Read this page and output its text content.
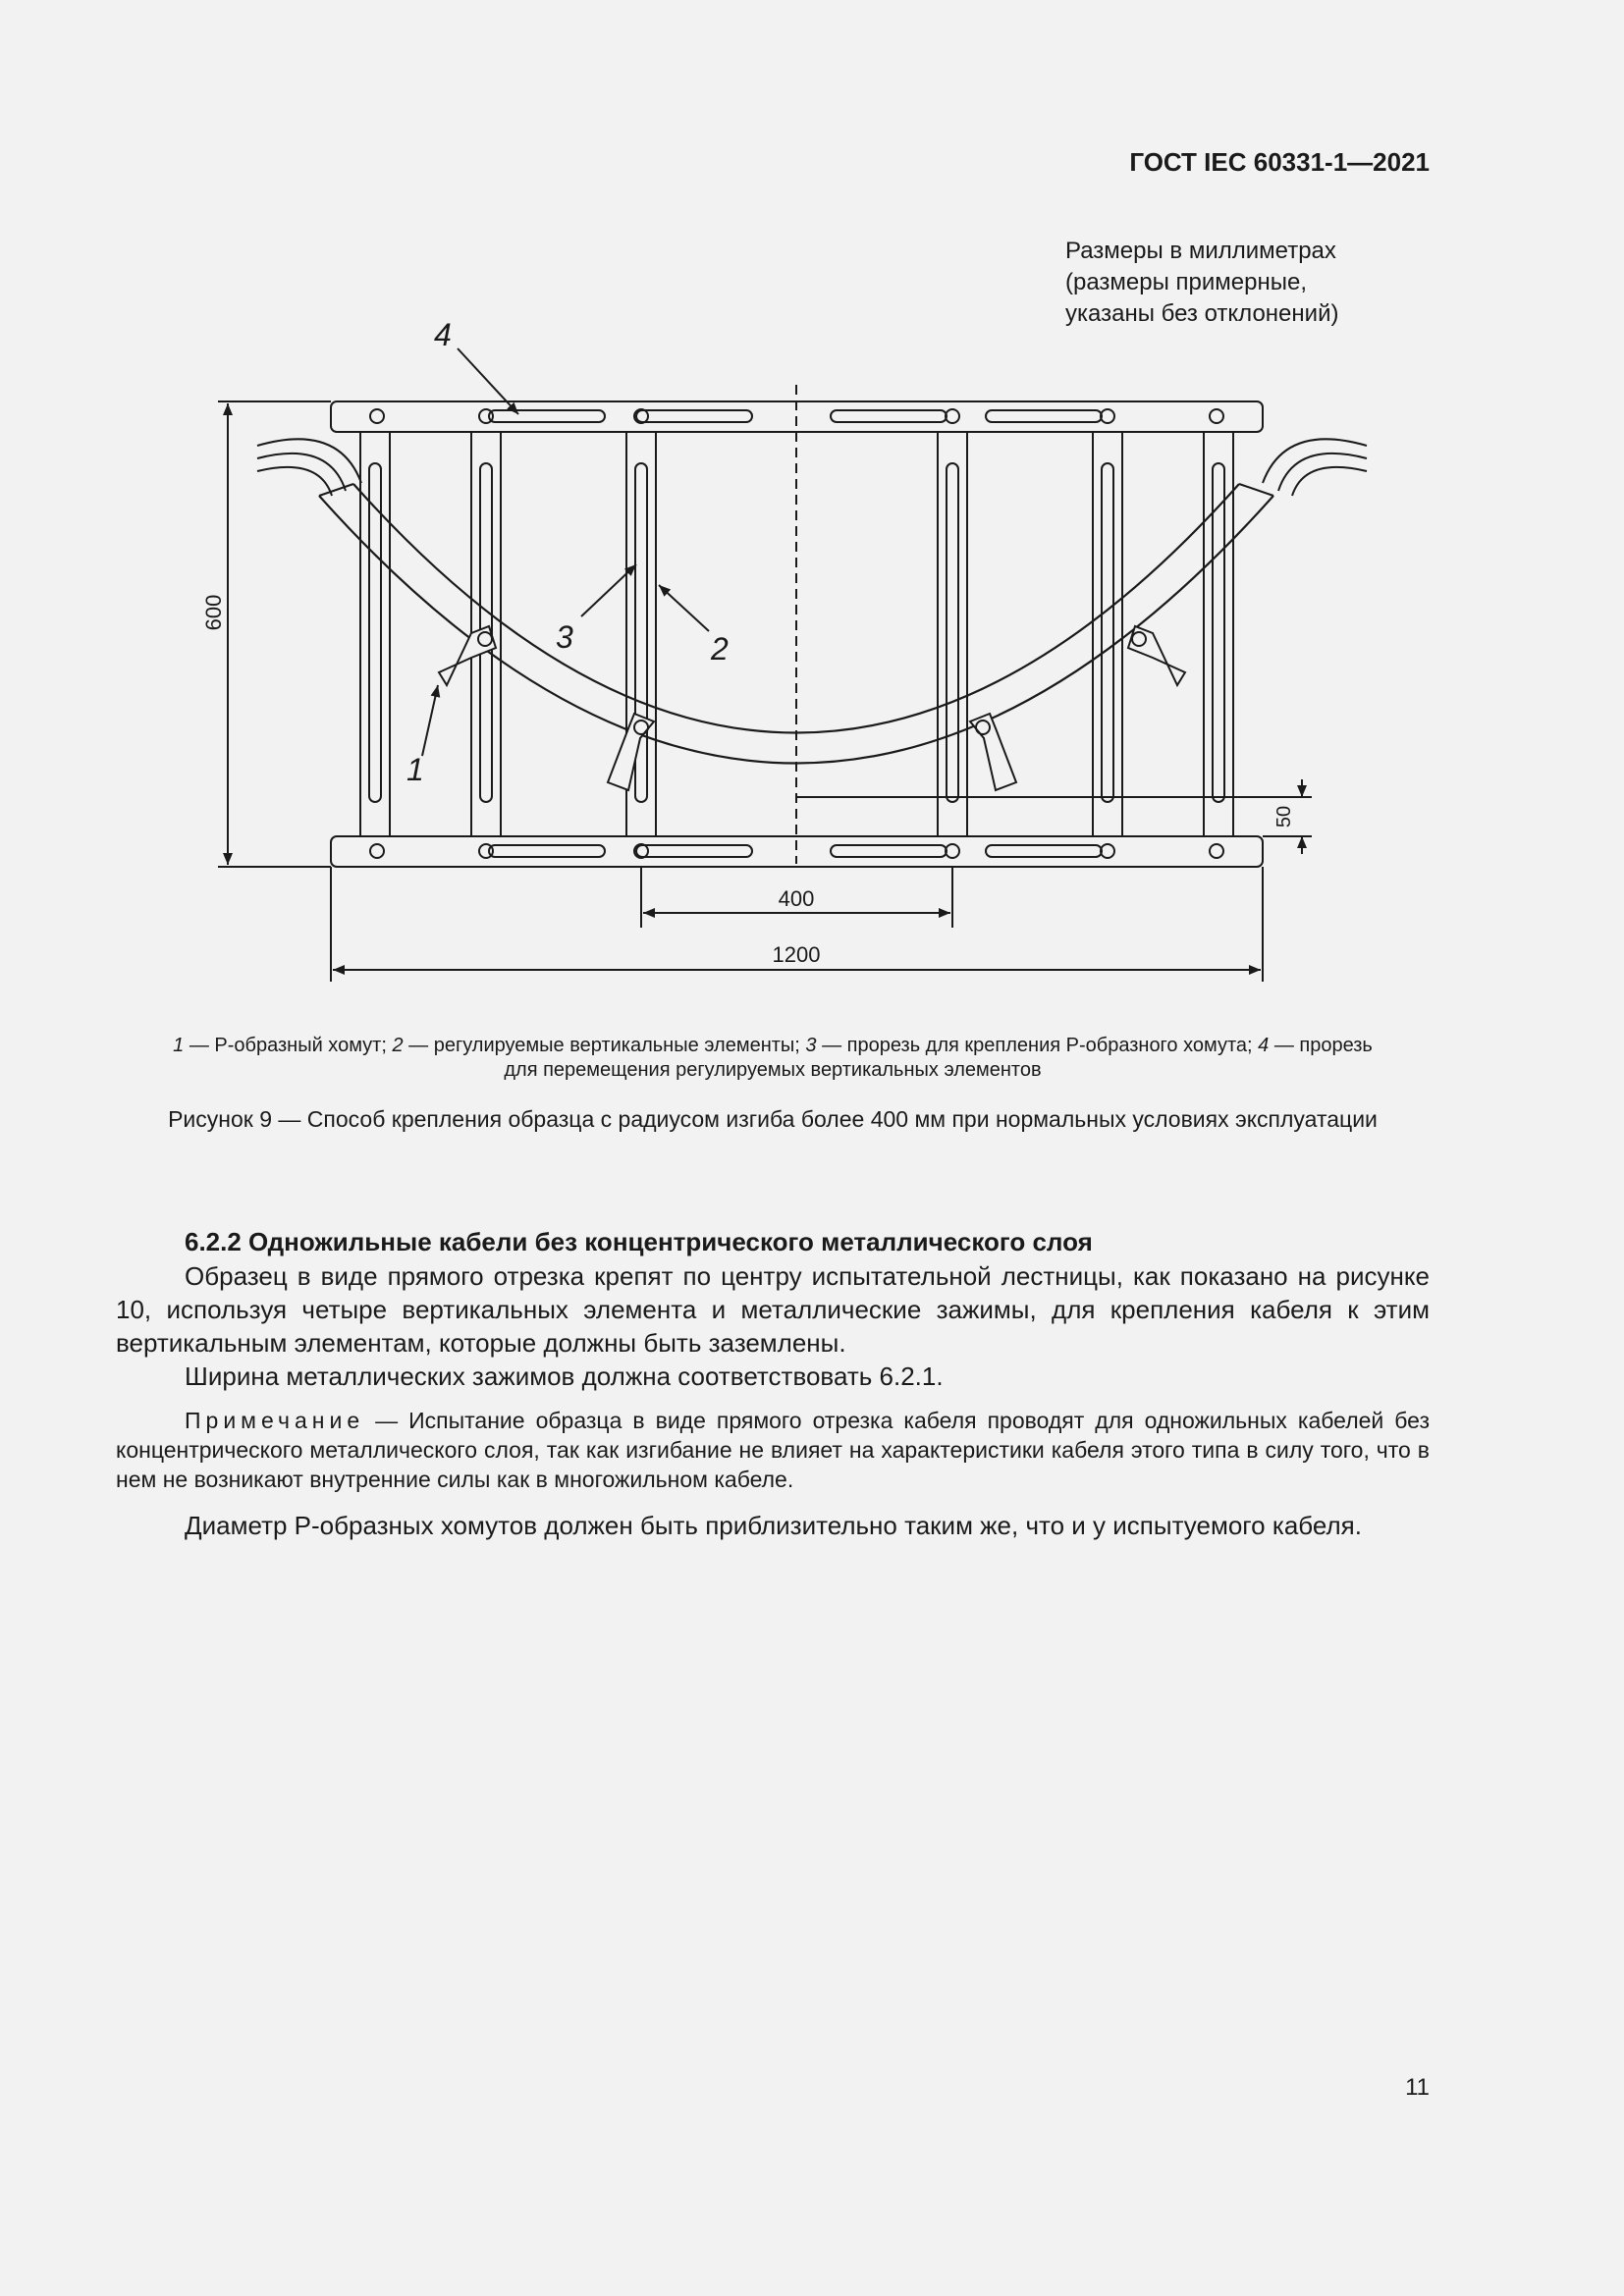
ГОСТ IEC 60331-1—2021
Размеры в миллиметрах
(размеры примерные,
указаны без отклонений)
1200
400
600
50
4
3	2
1
1 — Р-образный хомут; 2 — регулируемые вертикальные элементы; 3 — прорезь для крепления Р-образного хомута; 4 — прорезь для перемещения регулируемых вертикальных элементов
Рисунок 9 — Способ крепления образца с радиусом изгиба более 400 мм при нормальных условиях эксплуатации
6.2.2 Одножильные кабели без концентрического металлического слоя
Образец в виде прямого отрезка крепят по центру испытательной лестницы, как показано на рисунке 10, используя четыре вертикальных элемента и металлические зажимы, для крепления кабеля к этим вертикальным элементам, которые должны быть заземлены.
Ширина металлических зажимов должна соответствовать 6.2.1.
Примечание — Испытание образца в виде прямого отрезка кабеля проводят для одножильных кабелей без концентрического металлического слоя, так как изгибание не влияет на характеристики кабеля этого типа в силу того, что в нем не возникают внутренние силы как в многожильном кабеле.
Диаметр Р-образных хомутов должен быть приблизительно таким же, что и у испытуемого кабеля.
11
